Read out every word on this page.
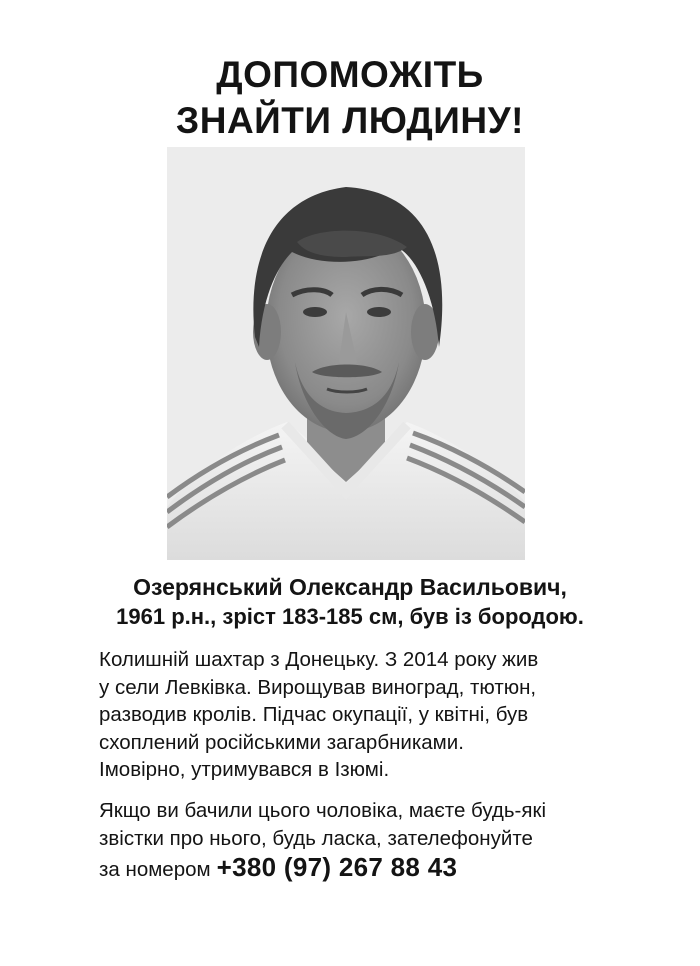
ДОПОМОЖІТЬ
ЗНАЙТИ ЛЮДИНУ!
Озерянський Олександр Васильович,
1961 р.н., зріст 183-185 см, був із бородою.
Колишній шахтар з Донецьку. З 2014 року жив
у сели Левківка. Вирощував виноград, тютюн,
разводив кролів. Підчас окупації, у квітні, був
схоплений російськими загарбниками.
Імовірно, утримувався в Ізюмі.
Якщо ви бачили цього чоловіка, маєте будь-які
звістки про нього, будь ласка, зателефонуйте
за номером +380 (97) 267 88 43
